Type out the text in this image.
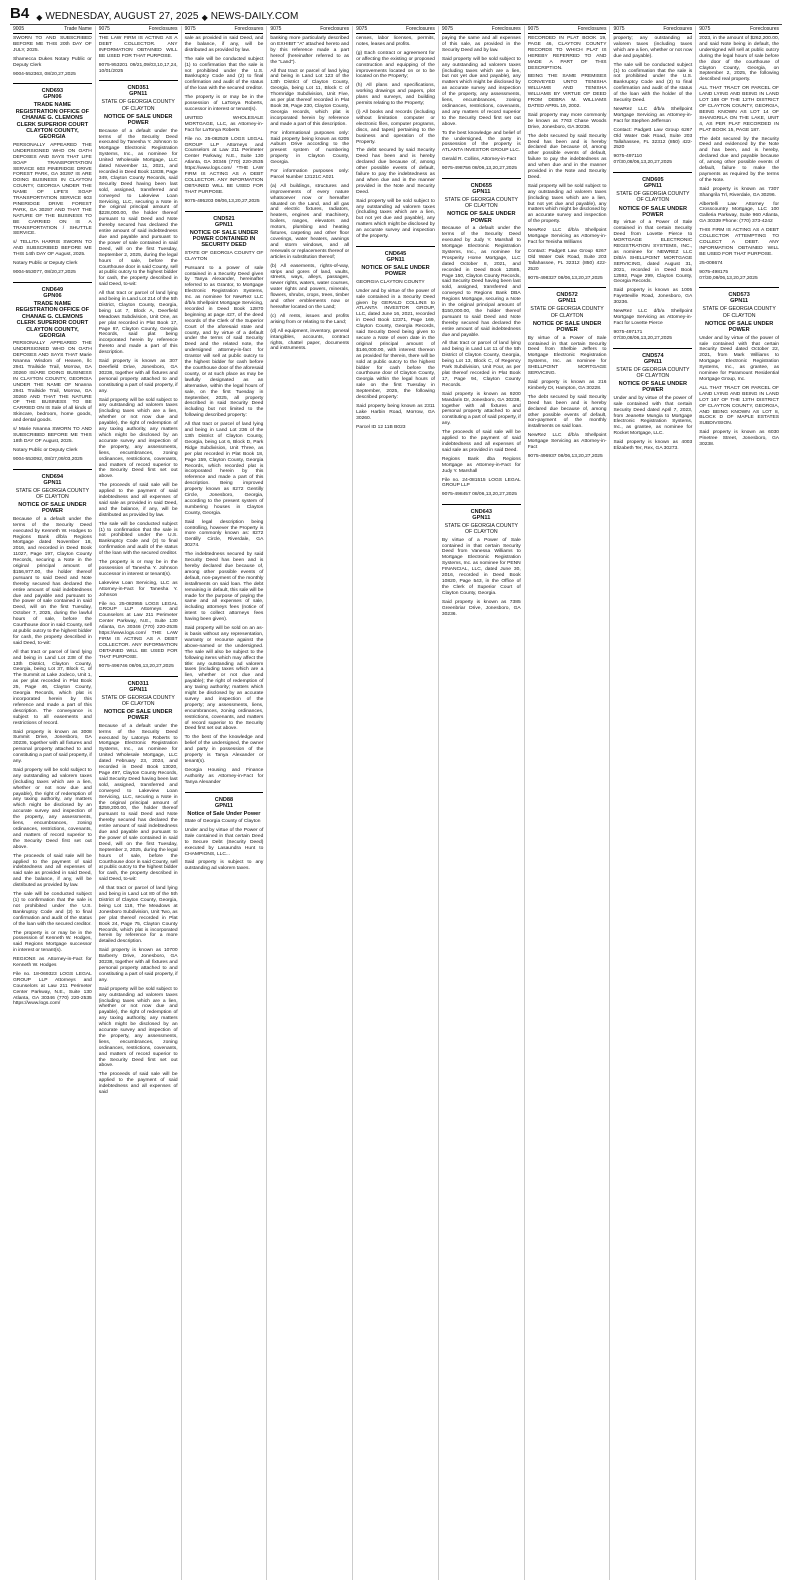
B4 ◆ WEDNESDAY, AUGUST 27, 2025 ◆ NEWS-DAILY.COM
9005	Trade Name

SWORN TO AND SUBSCRIBED BEFORE ME THIS 20th DAY OF JULY, 2025.

Shamecca Dukes Notary Public or Deputy Clerk

9004-552363, 08/20,27,2025

CND693
GPN06
TRADE NAME REGISTRATION OFFICE OF CHANAE G. CLEMONS CLERK SUPERIOR COURT CLAYTON COUNTY, GEORGIA

PERSONALLY APPEARED THE UNDERSIGNED WHO ON OATH DEPOSES AND SAYS THAT LIFE SOAP TRANSPORTATION SERVICE 603 PINERIDGE DRIVE FOREST PARK, GA 30297 IS ARE DOING BUSINESS IN CLAYTON COUNTY, GEORGIA UNDER THE NAME OF LIFE'S SOAP TRANSPORTATION SERVICE 603 PINERIDGE DRIVE FOREST PARK, GA 30297 AND THAT THE NATURE OF THE BUSINESS TO BE CARRIED ON IS A TRANSPORTATION / SHUTTLE SERVICE.

s/ TELLITA HARRIS SWORN TO AND SUBSCRIBED BEFORE ME THIS 14th DAY OF August, 2025.

Notary Public or Deputy Clerk

9004-553077, 08/20,27,2025

CND649
GPN06
TRADE NAME REGISTRATION OFFICE OF CHANAE G. CLEMONS CLERK SUPERIOR COURT CLAYTON COUNTY, GEORGIA

PERSONALLY APPEARED THE UNDERSIGNED WHO ON OATH DEPOSES AND SAYS THAT Marie Nnanna Wisdom of Heaven, llc 2941 Trailside Trail, Morrow, GA 30260 IS/ARE DOING BUSINESS IN CLAYTON COUNTY, GEORGIA UNDER THE NAME OF Nnanna 2941 Trailside Trail, Morrow, GA 30260 AND THAT THE NATURE OF THE BUSINESS TO BE CARRIED ON IS Sale of all kinds of Skincare, bedroom, home goods, and dental goods.

s/ Marie Nnanna SWORN TO AND SUBSCRIBED BEFORE ME THIS 18th DAY OF August, 2025.

Notary Public or Deputy Clerk

9004-553092, 08/27,09/03,2025

CND694
GPN11
STATE OF GEORGIA COUNTY OF CLAYTON
NOTICE OF SALE UNDER POWER

Because of a default under the terms of the Security Deed executed by Kenneth W. Hodges to Regions Bank d/b/a Regions Mortgage dated November 18, 2016, and recorded in Deed Book 11027, Page 197, Clayton County Records, securing a Note in the original principal amount of $156,977.00, the holder thereof pursuant to said Deed and Note thereby secured has declared the entire amount of said indebtedness due and payable and pursuant to the power of sale contained in said Deed, will on the first Tuesday, October 7, 2025, during the lawful hours of sale, before the Courthouse door in said County, sell at public outcry to the highest bidder for cash, the property described in said Deed, to-wit:

All that tract or parcel of land lying and being in Land Lot 238 of the 13th District, Clayton County, Georgia, being Lot 37, Block C, of The Summit at Lake Jodeco, Unit 1, as per plat recorded in Plat Book 25, Page 46, Clayton County, Georgia Records, which plat is incorporated herein by this reference and made a part of this description. The conveyance is subject to all easements and restrictions of record.

Said property is known as 3008 Summit Drive, Jonesboro, GA 30236, together with all fixtures and personal property attached to and constituting a part of said property, if any.

Said property will be sold subject to any outstanding ad valorem taxes (including taxes which are a lien, whether or not now due and payable), the right of redemption of any taxing authority, any matters which might be disclosed by an accurate survey and inspection of the property, any assessments, liens, encumbrances, zoning ordinances, restrictions, covenants, and matters of record superior to the Security Deed first set out above.

The proceeds of said sale will be applied to the payment of said indebtedness and all expenses of said sale as provided in said Deed, and the balance, if any, will be distributed as provided by law.

The sale will be conducted subject (1) to confirmation that the sale is not prohibited under the U.S. Bankruptcy Code and (2) to final confirmation and audit of the status of the loan with the secured creditor.

The property is or may be in the possession of Kenneth W. Hodges, said Regions Mortgage successor in interest or tenant(s).

REGIONS as Attorney-in-Fact for Kenneth W. Hodges

File no. 18-069323 LOGS LEGAL GROUP LLP Attorneys and Counselors at Law 211 Perimeter Center Parkway, N.E., Suite 130 Atlanta, GA 30346 (770) 220-2535 https://www.logs.com/

9075	Foreclosures

THE LAW FIRM IS ACTING AS A DEBT COLLECTOR. ANY INFORMATION OBTAINED WILL BE USED FOR THAT PURPOSE.

9075-953201 09/21,09/03,10,17,24, 10/01/2025

CND351
GPN11
STATE OF GEORGIA COUNTY OF CLAYTON
NOTICE OF SALE UNDER POWER

Because of a default under the terms of the Security Deed executed by Tanesha Y. Johnson to Mortgage Electronic Registration Systems, Inc., as nominee for United Wholesale Mortgage, LLC dated November 11, 2021, and recorded in Deed Book 11838, Page 349, Clayton County Records, said Security Deed having been last sold, assigned, transferred and conveyed to Lakeview Loan Servicing, LLC, securing a Note in the original principal amount of $228,000.00, the holder thereof pursuant to said Deed and Note thereby secured has declared the entire amount of said indebtedness due and payable and pursuant to the power of sale contained in said Deed, will on the first Tuesday, September 2, 2025, during the legal hours of sale, before the Courthouse door in said County, sell at public outcry to the highest bidder for cash, the property described in said Deed, to-wit:

All that tract or parcel of land lying and being in Land Lot 214 of the 5th District, Clayton County, Georgia, being Lot 7, Block A, Deerfield Meadows Subdivision, Unit One, as per plat recorded in Plat Book 17, Page 87, Clayton County, Georgia Records, said plat being incorporated herein by reference thereto and made a part of this description.

Said property is known as 307 Deerfield Drive, Jonesboro, GA 30236, together with all fixtures and personal property attached to and constituting a part of said property, if any.

Said property will be sold subject to any outstanding ad valorem taxes (including taxes which are a lien, whether or not now due and payable), the right of redemption of any taxing authority, any matters which might be disclosed by an accurate survey and inspection of the property, any assessments, liens, encumbrances, zoning ordinances, restrictions, covenants, and matters of record superior to the Security Deed first set out above.

The proceeds of said sale will be applied to the payment of said indebtedness and all expenses of said sale as provided in said Deed, and the balance, if any, will be distributed as provided by law.

The sale will be conducted subject (1) to confirmation that the sale is not prohibited under the U.S. Bankruptcy Code and (2) to final confirmation and audit of the status of the loan with the secured creditor.

The property is or may be in the possession of Tanesha Y. Johnson successor in interest or tenant(s).

Lakeview Loan Servicing, LLC as Attorney-in-Fact for Tanesha Y. Johnson

File no. 25-082955 LOGS LEGAL GROUP LLP Attorneys and Counselors at Law 211 Perimeter Center Parkway, N.E., Suite 130 Atlanta, GA 30346 (770) 220-2535 https://www.logs.com/ THE LAW FIRM IS ACTING AS A DEBT COLLECTOR. ANY INFORMATION OBTAINED WILL BE USED FOR THAT PURPOSE.

9075-496746 08/06,13,20,27,2025

CND311
GPN11
STATE OF GEORGIA COUNTY OF CLAYTON
NOTICE OF SALE UNDER POWER

Because of a default under the terms of the Security Deed executed by Latonya Roberts to Mortgage Electronic Registration Systems, Inc., as nominee for United Wholesale Mortgage, LLC dated February 23, 2024, and recorded in Deed Book 13020, Page 497, Clayton County Records, said Security Deed having been last sold, assigned, transferred and conveyed to Lakeview Loan Servicing, LLC, securing a Note in the original principal amount of $259,200.00, the holder thereof pursuant to said Deed and Note thereby secured has declared the entire amount of said indebtedness due and payable and pursuant to the power of sale contained in said Deed, will on the first Tuesday, September 2, 2025, during the legal hours of sale, before the Courthouse door in said County, sell at public outcry to the highest bidder for cash, the property described in said Deed, to-wit:

All that tract or parcel of land lying and being in Land Lot 80 of the 5th District of Clayton County, Georgia, being Lot 118, The Meadows at Jonesboro Subdivision, Unit Two, as per plat thereof recorded in Plat Book 24, Page 75, Clayton County Records, which plat is incorporated herein by reference for a more detailed description.

Said property is known as 10700 Barberry Drive, Jonesboro, GA 30238, together with all fixtures and personal property attached to and constituting a part of said property, if any.

Said property will be sold subject to any outstanding ad valorem taxes (including taxes which are a lien, whether or not now due and payable), the right of redemption of any taxing authority, any matters which might be disclosed by an accurate survey and inspection of the property, any assessments, liens, encumbrances, zoning ordinances, restrictions, covenants, and matters of record superior to the Security Deed first set out above.

The proceeds of said sale will be applied to the payment of said indebtedness and all expenses of said

9075	Foreclosures

sale as provided in said Deed, and the balance, if any, will be distributed as provided by law.

The sale will be conducted subject (1) to confirmation that the sale is not prohibited under the U.S. Bankruptcy Code and (2) to final confirmation and audit of the status of the loan with the secured creditor.

The property is or may be in the possession of LaTonya Roberts, successor in interest or tenant(s).

UNITED WHOLESALE MORTGAGE, LLC, as Attorney-in-Fact for LaTonya Roberts

File no. 25-082529 LOGS LEGAL GROUP LLP Attorneys and Counselors at Law 211 Perimeter Center Parkway, N.E., Suite 130 Atlanta, GA 30346 (770) 220-2535 https://www.logs.com/ *THE LAW FIRM IS ACTING AS A DEBT COLLECTOR. ANY INFORMATION OBTAINED WILL BE USED FOR THAT PURPOSE.

9075-495203 08/06,13,20,27,2025

CND521
GPN11
NOTICE OF SALE UNDER POWER CONTAINED IN SECURITY DEED

STATE OF GEORGIA COUNTY OF CLAYTON

Pursuant to a power of sale contained in a Security Deed given by Tanya Alexander, hereinafter referred to as Grantor, to Mortgage Electronic Registration Systems, Inc. as nominee for NewRez LLC d/b/a Shellpoint Mortgage Servicing, recorded in Deed Book 12870 beginning at page 427, of the deed records of the Clerk of the Superior Court of the aforesaid state and county, and by virtue of a default under the terms of said Security Deed and the related note, the undersigned attorney-in-fact for Grantor will sell at public outcry to the highest bidder for cash before the courthouse door of the aforesaid county, or at such place as may be lawfully designated as an alternative, within the legal hours of sale, on the first Tuesday in September, 2025, all property described in said Security Deed including but not limited to the following described property:

All that tract or parcel of land lying and being in Land Lot 236 of the 13th District of Clayton County, Georgia, being Lot 6, Block D, Park Ridge Subdivision, Unit Three, as per plat recorded in Plat Book 18, Page 159, Clayton County, Georgia Records, which recorded plat is incorporated herein by this reference and made a part of this description. Being improved property known as 8272 Gentilly Circle, Jonesboro, Georgia, according to the present system of numbering houses in Clayton County, Georgia.

Said legal description being controlling, however the Property is more commonly known as: 8272 Gentilly Circle, Riverdale, GA 30274.

The indebtedness secured by said Security Deed has been and is hereby declared due because of, among other possible events of default, non-payment of the monthly installments on said loan. The debt remaining in default, this sale will be made for the purpose of paying the same and all expenses of sale, including attorneys fees (notice of intent to collect attorneys fees having been given).

Said property will be sold on an as-is basis without any representation, warranty or recourse against the above-named or the undersigned. The sale will also be subject to the following items which may affect the title: any outstanding ad valorem taxes (including taxes which are a lien, whether or not due and payable); the right of redemption of any taxing authority; matters which might be disclosed by an accurate survey and inspection of the property; any assessments, liens, encumbrances, zoning ordinances, restrictions, covenants, and matters of record superior to the Security Deed first set out above.

To the best of the knowledge and belief of the undersigned, the owner and party in possession of the property is Tanya Alexander or tenant(s).

Georgia Housing and Finance Authority as Attorney-in-Fact for Tanya Alexander

CND88
GPN11
Notice of Sale Under Power

State of Georgia County of Clayton

Under and by virtue of the Power of Sale contained in that certain Deed to Secure Debt (Security Deed) executed by Lasaundra Hunt to CHAMPIONS, LLC...

Said property is subject to any outstanding ad valorem taxes.

9075	Foreclosures

banking more particularly described on EXHIBIT "A" attached hereto and by this reference made a part hereof (hereinafter referred to as the "Land").

All that tract or parcel of land lying and being in Land Lot 123 of the 13th District of Clayton County, Georgia, being Lot 11, Block C of Thornridge Subdivision, Unit Five, as per plat thereof recorded in Plat Book 38, Page 230, Clayton County, Georgia records, which plat is incorporated herein by reference and made a part of this description.

For informational purposes only: Said property being known as 6205 Auburn Drive according to the present system of numbering property in Clayton County, Georgia.

For information purposes only: Parcel Number 13121C A021

(a) All buildings, structures and improvements of every nature whatsoever now or hereafter situated on the Land, and all gas and electric fixtures, radiators, heaters, engines and machinery, boilers, ranges, elevators and motors, plumbing and heating fixtures, carpeting and other floor coverings, water heaters, awnings and storm windows, and all renewals or replacements thereof or articles in substitution thereof;

(b) All easements, rights-of-way, strips and gores of land, vaults, streets, ways, alleys, passages, sewer rights, waters, water courses, water rights and powers, minerals, flowers, shrubs, crops, trees, timber and other emblements now or hereafter located on the Land;

(c) All rents, issues and profits arising from or relating to the Land;

(d) All equipment, inventory, general intangibles, accounts, contract rights, chattel paper, documents and instruments.

9075	Foreclosures

censes, labor licenses, permits, notes, leases and profits.

(g) Each contract or agreement for or affecting the existing or proposed construction and equipping of the improvements located on or to be located on the Property;

(h) All plans and specifications, working drawings and papers, plot plans and surveys, and building permits relating to the Property;

(i) All books and records (including without limitation computer or electronic files, computer programs, discs, and tapes) pertaining to the business and operation of the Property.

The debt secured by said Security Deed has been and is hereby declared due because of, among other possible events of default, failure to pay the indebtedness as and when due and in the manner provided in the Note and Security Deed.

Said property will be sold subject to any outstanding ad valorem taxes (including taxes which are a lien, but not yet due and payable), any matters which might be disclosed by an accurate survey and inspection of the property.

CND645
GPN11
NOTICE OF SALE UNDER POWER

GEORGIA CLAYTON COUNTY

Under and by virtue of the power of sale contained in a Security Deed given by GERALD COLLINS to ATLANTA INVESTOR GROUP, LLC, dated June 16, 2021, recorded in Deed Book 12371, Page 169, Clayton County, Georgia Records, said Security Deed being given to secure a Note of even date in the original principal amount of $146,000.00, with interest thereon as provided for therein, there will be sold at public outcry to the highest bidder for cash before the courthouse door of Clayton County, Georgia within the legal hours of sale on the first Tuesday in September, 2025, the following described property:

Said property being known as 2311 Lake Harbin Road, Morrow, GA 30260.

Parcel ID 12 11B B023

9075	Foreclosures

paying the same and all expenses of this sale, as provided in the Security Deed and by law.

Said property will be sold subject to any outstanding ad valorem taxes (including taxes which are a lien, but not yet due and payable), any matters which might be disclosed by an accurate survey and inspection of the property, any assessments, liens, encumbrances, zoning ordinances, restrictions, covenants, and any matters of record superior to the Security Deed first set out above.

To the best knowledge and belief of the undersigned, the party in possession of the property is ATLANTA INVESTOR GROUP LLC.

Gerald R. Collins, Attorney-in-Fact

9075-498756 08/06,13,20,27,2025

CND655
GPN11
STATE OF GEORGIA COUNTY OF CLAYTON
NOTICE OF SALE UNDER POWER

Because of a default under the terms of the Security Deed executed by Judy Y. Marshall to Mortgage Electronic Registration Systems, Inc., as nominee for Prosperity Home Mortgage, LLC dated October 8, 2021, and recorded in Deed Book 12585, Page 150, Clayton County Records, said Security Deed having been last sold, assigned, transferred and conveyed to Regions Bank DBA Regions Mortgage, securing a Note in the original principal amount of $150,000.00, the holder thereof pursuant to said Deed and Note thereby secured has declared the entire amount of said indebtedness due and payable.

All that tract or parcel of land lying and being in Land Lot 11 of the 5th District of Clayton County, Georgia, being Lot 13, Block C, of Regency Park Subdivision, Unit Four, as per plat thereof recorded in Plat Book 17, Page 94, Clayton County Records.

Said property is known as 9200 Mandarin Dr, Jonesboro, GA 30238, together with all fixtures and personal property attached to and constituting a part of said property, if any.

The proceeds of said sale will be applied to the payment of said indebtedness and all expenses of said sale as provided in said Deed.

Regions Bank dba Regions Mortgage as Attorney-in-Fact for Judy Y. Marshall

File no. 24-081515 LOGS LEGAL GROUP LLP

9075-498457 08/06,13,20,27,2025

CND643
GPN11
STATE OF GEORGIA COUNTY OF CLAYTON

By virtue of a Power of Sale contained in that certain Security Deed from Vanessa Williams to Mortgage Electronic Registration Systems, Inc. as nominee for PENN FINANCIAL, LLC, dated June 30, 2016, recorded in Deed Book 10820, Page 543, in the Office of the Clerk of Superior Court of Clayton County, Georgia.

Said property is known as 7385 Greenbriar Drive, Jonesboro, GA 30236.

9075	Foreclosures

RECORDED IN PLAT BOOK 19, PAGE 46, CLAYTON COUNTY RECORDS TO WHICH PLAT IS HEREBY REFERRED TO AND MADE A PART OF THIS DESCRIPTION.

BEING THE SAME PREMISES CONVEYED UNTO TENISHA WILLIAMS AND TENISHA WILLIAMS BY VIRTUE OF DEED FROM DEBRA M. WILLIAMS DATED APRIL 19, 2002.

Said property may more commonly be known as 7763 Chase Woods Drive, Jonesboro, GA 30236.

The debt secured by said Security Deed has been and is hereby declared due because of, among other possible events of default, failure to pay the indebtedness as and when due and in the manner provided in the Note and Security Deed.

Said property will be sold subject to any outstanding ad valorem taxes (including taxes which are a lien, but not yet due and payable), any matters which might be disclosed by an accurate survey and inspection of the property.

NewRez LLC d/b/a Shellpoint Mortgage Servicing as Attorney-in-Fact for Tenisha Williams

Contact: Padgett Law Group 6267 Old Water Oak Road, Suite 203 Tallahassee, FL 32312 (850) 422-2520

9075-498327 08/06,13,20,27,2025

CND572
GPN11
STATE OF GEORGIA COUNTY OF CLAYTON
NOTICE OF SALE UNDER POWER

By virtue of a Power of Sale contained in that certain Security Deed from Shelbie Jeffers to Mortgage Electronic Registration Systems, Inc. as nominee for SHELLPOINT MORTGAGE SERVICING.

Said property is known as 216 Kimberly Dr, Hampton, GA 30228.

The debt secured by said Security Deed has been and is hereby declared due because of, among other possible events of default, non-payment of the monthly installments on said loan.

NewRez LLC d/b/a Shellpoint Mortgage Servicing as Attorney-in-Fact

9075-496937 08/06,13,20,27,2025

9075	Foreclosures

property; any outstanding ad valorem taxes (including taxes which are a lien, whether or not now due and payable).

The sale will be conducted subject (1) to confirmation that the sale is not prohibited under the U.S. Bankruptcy Code and (2) to final confirmation and audit of the status of the loan with the holder of the Security Deed.

NewRez LLC d/b/a Shellpoint Mortgage Servicing as Attorney-in-Fact for Stephen Jefferson

Contact: Padgett Law Group 6267 Old Water Oak Road, Suite 203 Tallahassee, FL 32312 (850) 422-2520

9075-497110 07/30,08/06,13,20,27,2025

CND605
GPN11
STATE OF GEORGIA COUNTY OF CLAYTON
NOTICE OF SALE UNDER POWER

By virtue of a Power of Sale contained in that certain Security Deed from Lovette Pierce to MORTGAGE ELECTRONIC REGISTRATION SYSTEMS, INC., as nominee for NEWREZ LLC D/B/A SHELLPOINT MORTGAGE SERVICING, dated August 31, 2021, recorded in Deed Book 12592, Page 299, Clayton County, Georgia Records.

Said property is known as 1005 Fayetteville Road, Jonesboro, GA 30236.

NewRez LLC d/b/a Shellpoint Mortgage Servicing as Attorney-in-Fact for Lovette Pierce

9075-497171 07/30,08/06,13,20,27,2025

CND574
GPN11
STATE OF GEORGIA COUNTY OF CLAYTON
NOTICE OF SALE UNDER POWER

Under and by virtue of the power of sale contained with that certain Security Deed dated April 7, 2023, from Jeanette Mungia to Mortgage Electronic Registration Systems, Inc., as grantee, as nominee for Rocket Mortgage, LLC.

Said property is known as 4003 Elizabeth Ter, Rex, GA 30273.

9075	Foreclosures

2023, in the amount of $262,200.00, and said Note being in default, the undersigned will sell at public outcry during the legal hours of sale before the door of the courthouse of Clayton County, Georgia, on September 2, 2025, the following described real property.

ALL THAT TRACT OR PARCEL OF LAND LYING AND BEING IN LAND LOT 188 OF THE 12TH DISTRICT OF CLAYTON COUNTY, GEORGIA, BEING KNOWN AS LOT 14 OF SHANGRILA ON THE LAKE, UNIT 4, AS PER PLAT RECORDED IN PLAT BOOK 15, PAGE 187.

The debt secured by the Security Deed and evidenced by the Note and has been, and is hereby, declared due and payable because of, among other possible events of default, failure to make the payments as required by the terms of the Note.

Said property is known as 7307 Shangrila Trl, Riverdale, GA 30296.

Albertelli Law Attorney for Crosscountry Mortgage, LLC 100 Galleria Parkway, Suite 960 Atlanta, GA 30339 Phone: (770) 373-4242

THIS FIRM IS ACTING AS A DEBT COLLECTOR ATTEMPTING TO COLLECT A DEBT. ANY INFORMATION OBTAINED WILL BE USED FOR THAT PURPOSE.

25-008674

9075-498175 07/30,08/06,13,20,27,2025

CND573
GPN11
STATE OF GEORGIA COUNTY OF CLAYTON
NOTICE OF SALE UNDER POWER

Under and by virtue of the power of sale contained with that certain Security Deed dated October 22, 2021, from Mark Williams to Mortgage Electronic Registration Systems, Inc., as grantee, as nominee for Paramount Residential Mortgage Group, Inc.

ALL THAT TRACT OR PARCEL OF LAND LYING AND BEING IN LAND LOT 167 OF THE 13TH DISTRICT OF CLAYTON COUNTY, GEORGIA, AND BEING KNOWN AS LOT 8, BLOCK D OF MAPLE ESTATES SUBDIVISION.

Said property is known as 6030 Pinetree Street, Jonesboro, GA 30238.
